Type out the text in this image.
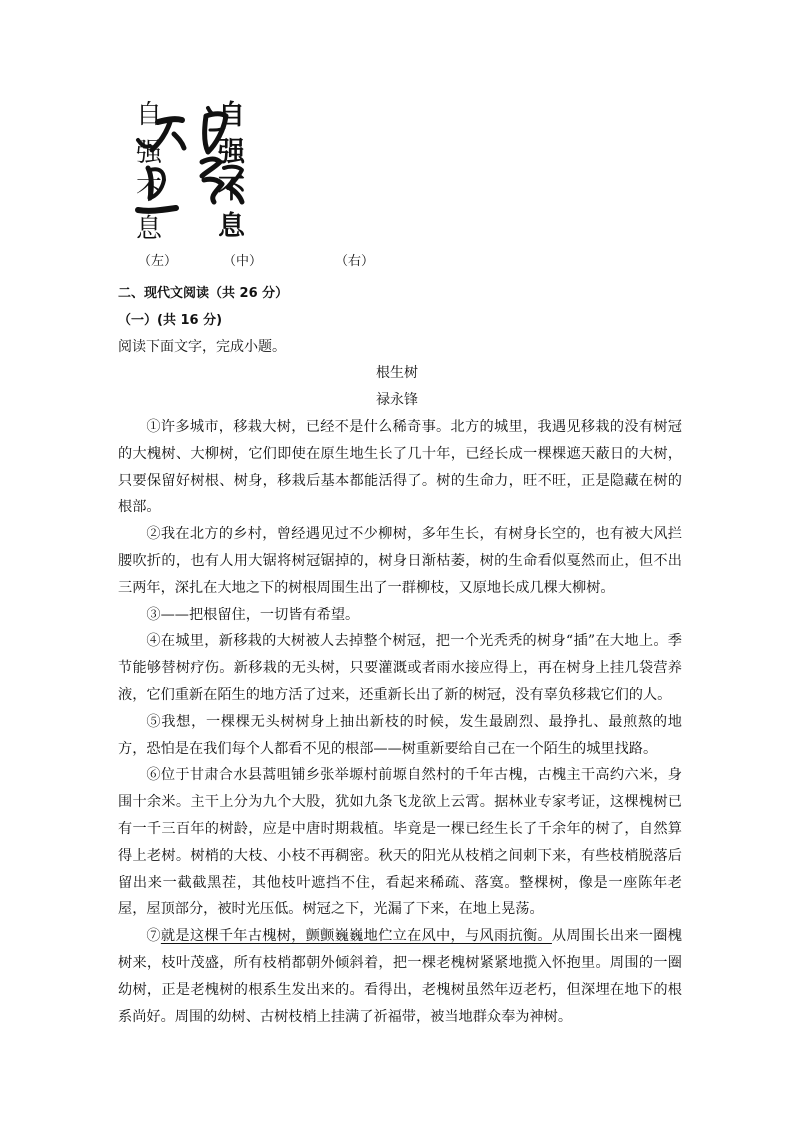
自
强
不
息
自
强
不
息
（左）	（中）	（右）
二、现代文阅读（共 26 分）
（一）(共 16 分)
阅读下面文字，完成小题。
根生树
禄永锋

①许多城市，移栽大树，已经不是什么稀奇事。北方的城里，我遇见移栽的没有树冠的大槐树、大柳树，它们即使在原生地生长了几十年，已经长成一棵棵遮天蔽日的大树，只要保留好树根、树身，移栽后基本都能活得了。树的生命力，旺不旺，正是隐藏在树的根部。

②我在北方的乡村，曾经遇见过不少柳树，多年生长，有树身长空的，也有被大风拦腰吹折的，也有人用大锯将树冠锯掉的，树身日渐枯萎，树的生命看似戛然而止，但不出三两年，深扎在大地之下的树根周围生出了一群柳枝，又原地长成几棵大柳树。

③——把根留住，一切皆有希望。

④在城里，新移栽的大树被人去掉整个树冠，把一个光秃秃的树身“插”在大地上。季节能够替树疗伤。新移栽的无头树，只要灌溉或者雨水接应得上，再在树身上挂几袋营养液，它们重新在陌生的地方活了过来，还重新长出了新的树冠，没有辜负移栽它们的人。

⑤我想，一棵棵无头树树身上抽出新枝的时候，发生最剧烈、最挣扎、最煎熬的地方，恐怕是在我们每个人都看不见的根部——树重新要给自己在一个陌生的城里找路。

⑥位于甘肃合水县蒿咀铺乡张举塬村前塬自然村的千年古槐，古槐主干高约六米，身围十余米。主干上分为九个大股，犹如九条飞龙欲上云霄。据林业专家考证，这棵槐树已有一千三百年的树龄，应是中唐时期栽植。毕竟是一棵已经生长了千余年的树了，自然算得上老树。树梢的大枝、小枝不再稠密。秋天的阳光从枝梢之间刺下来，有些枝梢脱落后留出来一截截黑茬，其他枝叶遮挡不住，看起来稀疏、落寞。整棵树，像是一座陈年老屋，屋顶部分，被时光压低。树冠之下，光漏了下来，在地上晃荡。

⑦就是这棵千年古槐树，颤颤巍巍地伫立在风中，与风雨抗衡。从周围长出来一圈槐树来，枝叶茂盛，所有枝梢都朝外倾斜着，把一棵老槐树紧紧地揽入怀抱里。周围的一圈幼树，正是老槐树的根系生发出来的。看得出，老槐树虽然年迈老朽，但深埋在地下的根系尚好。周围的幼树、古树枝梢上挂满了祈福带，被当地群众奉为神树。
